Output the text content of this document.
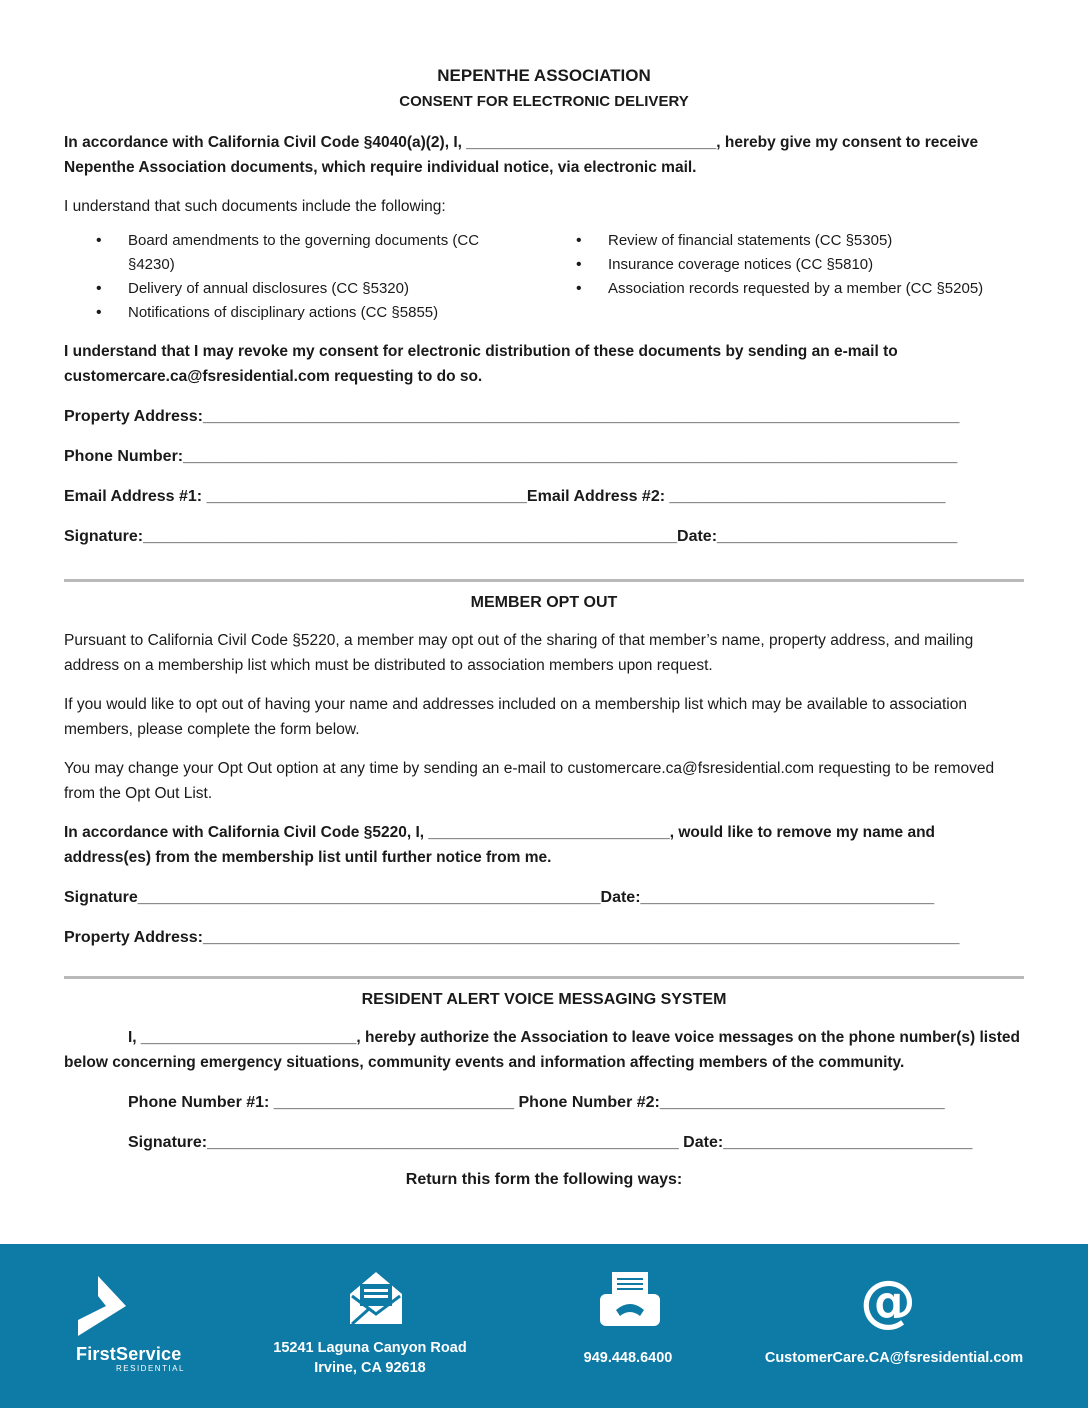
NEPENTHE ASSOCIATION
CONSENT FOR ELECTRONIC DELIVERY

In accordance with California Civil Code §4040(a)(2), I, _____________________________, hereby give my consent to receive Nepenthe Association documents, which require individual notice, via electronic mail.

I understand that such documents include the following:

• Board amendments to the governing documents (CC §4230)
• Delivery of annual disclosures (CC §5320)
• Notifications of disciplinary actions (CC §5855)
• Review of financial statements (CC §5305)
• Insurance coverage notices (CC §5810)
• Association records requested by a member (CC §5205)

I understand that I may revoke my consent for electronic distribution of these documents by sending an e-mail to customercare.ca@fsresidential.com requesting to do so.

Property Address:_____________________________________________________________________________________
Phone Number:_______________________________________________________________________________________
Email Address #1: ____________________________________Email Address #2: _______________________________
Signature:____________________________________________________________Date:___________________________
MEMBER OPT OUT

Pursuant to California Civil Code §5220, a member may opt out of the sharing of that member’s name, property address, and mailing address on a membership list which must be distributed to association members upon request.

If you would like to opt out of having your name and addresses included on a membership list which may be available to association members, please complete the form below.

You may change your Opt Out option at any time by sending an e-mail to customercare.ca@fsresidential.com requesting to be removed from the Opt Out List.

In accordance with California Civil Code §5220, I, ____________________________, would like to remove my name and address(es) from the membership list until further notice from me.

Signature____________________________________________________Date:_________________________________
Property Address:_____________________________________________________________________________________
RESIDENT ALERT VOICE MESSAGING SYSTEM

I, _________________________, hereby authorize the Association to leave voice messages on the phone number(s) listed below concerning emergency situations, community events and information affecting members of the community.

Phone Number #1: ___________________________ Phone Number #2:________________________________
Signature:_____________________________________________________ Date:____________________________
Return this form the following ways:
FirstService
RESIDENTIAL
15241 Laguna Canyon Road
Irvine, CA 92618
949.448.6400
@
CustomerCare.CA@fsresidential.com
